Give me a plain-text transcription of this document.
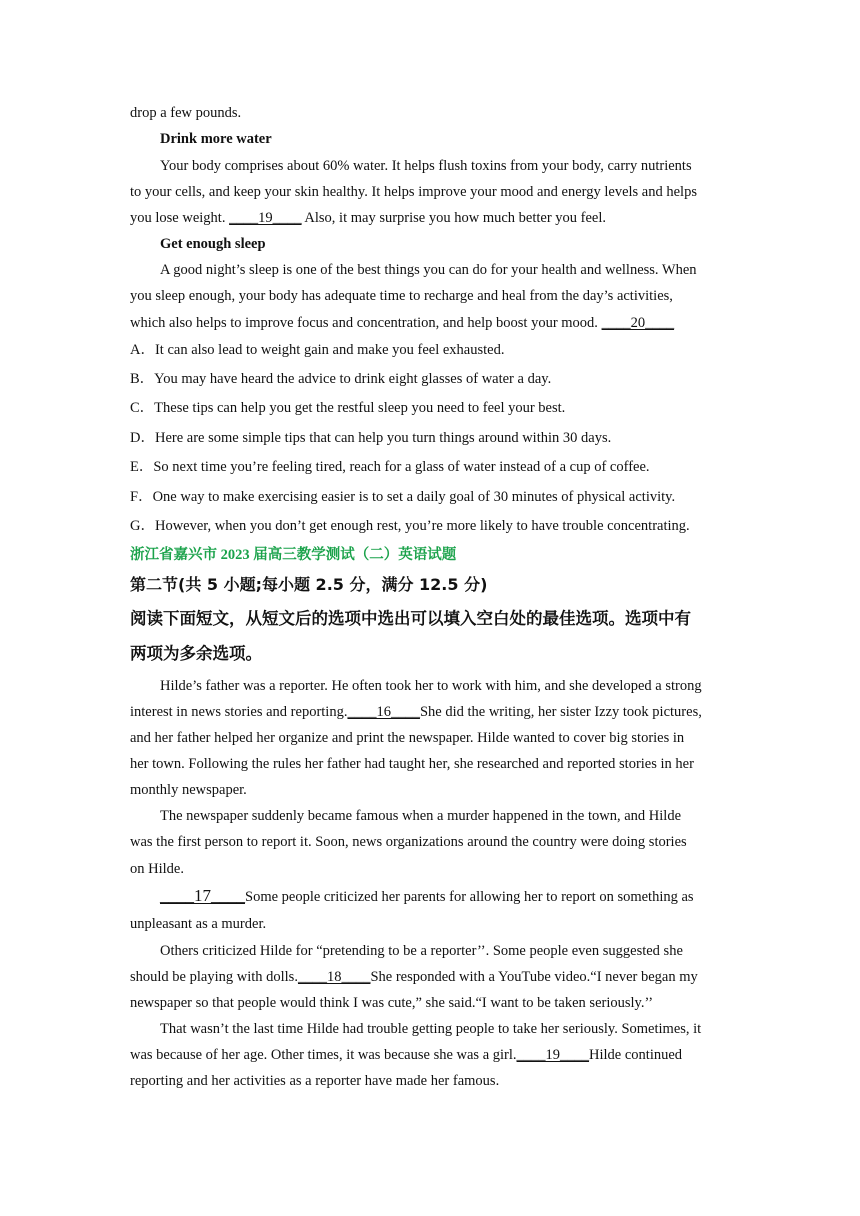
drop a few pounds.
Drink more water
Your body comprises about 60% water. It helps flush toxins from your body, carry nutrients
to your cells, and keep your skin healthy. It helps improve your mood and energy levels and helps
you lose weight. ____19____ Also, it may surprise you how much better you feel.
Get enough sleep
A good night’s sleep is one of the best things you can do for your health and wellness. When
you sleep enough, your body has adequate time to recharge and heal from the day’s activities,
which also helps to improve focus and concentration, and help boost your mood. ____20____
A．It can also lead to weight gain and make you feel exhausted.
B．You may have heard the advice to drink eight glasses of water a day.
C．These tips can help you get the restful sleep you need to feel your best.
D．Here are some simple tips that can help you turn things around within 30 days.
E．So next time you’re feeling tired, reach for a glass of water instead of a cup of coffee.
F．One way to make exercising easier is to set a daily goal of 30 minutes of physical activity.
G．However, when you don’t get enough rest, you’re more likely to have trouble concentrating.
浙江省嘉兴市 2023 届高三教学测试（二）英语试题
第二节(共 5 小题;每小题 2.5 分，满分 12.5 分)
阅读下面短文，从短文后的选项中选出可以填入空白处的最佳选项。选项中有
两项为多余选项。
Hilde’s father was a reporter. He often took her to work with him, and she developed a strong
interest in news stories and reporting.____16____She did the writing, her sister Izzy took pictures,
and her father helped her organize and print the newspaper. Hilde wanted to cover big stories in
her town. Following the rules her father had taught her, she researched and reported stories in her
monthly newspaper.
The newspaper suddenly became famous when a murder happened in the town, and Hilde
was the first person to report it. Soon, news organizations around the country were doing stories
on Hilde.
____17____Some people criticized her parents for allowing her to report on something as
unpleasant as a murder.
Others criticized Hilde for “pretending to be a reporter’’. Some people even suggested she
should be playing with dolls.____18____She responded with a YouTube video.“I never began my
newspaper so that people would think I was cute,” she said.“I want to be taken seriously.’’
That wasn’t the last time Hilde had trouble getting people to take her seriously. Sometimes, it
was because of her age. Other times, it was because she was a girl.____19____Hilde continued
reporting and her activities as a reporter have made her famous.
